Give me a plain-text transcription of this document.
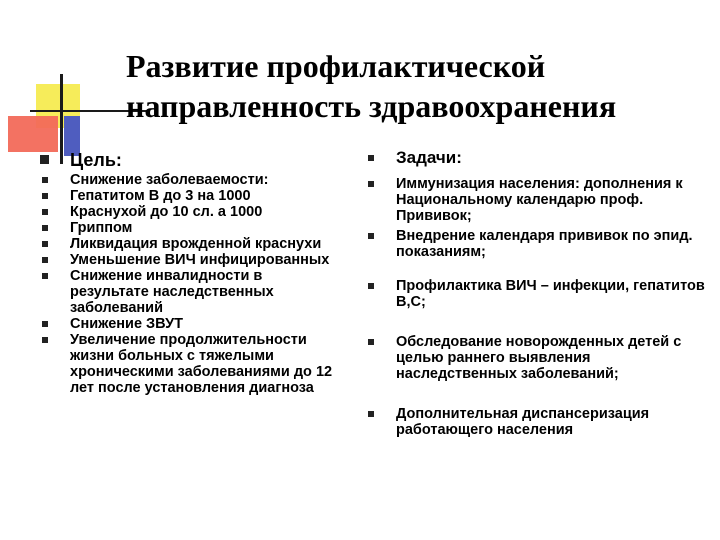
Развитие профилактической
направленность здравоохранения
Цель:
Снижение заболеваемости:
Гепатитом В до 3 на 1000
Краснухой до 10 сл. а 1000
Гриппом
Ликвидация врожденной краснухи
Уменьшение ВИЧ инфицированных
Снижение инвалидности в результате наследственных заболеваний
Снижение ЗВУТ
Увеличение продолжительности жизни больных с тяжелыми хроническими заболеваниями до 12 лет после установления диагноза
Задачи:
Иммунизация населения: дополнения к Национальному календарю проф. Прививок;
Внедрение календаря прививок по эпид. показаниям;
Профилактика ВИЧ – инфекции, гепатитов В,С;
Обследование новорожденных детей с целью раннего выявления наследственных заболеваний;
Дополнительная диспансеризация работающего населения
